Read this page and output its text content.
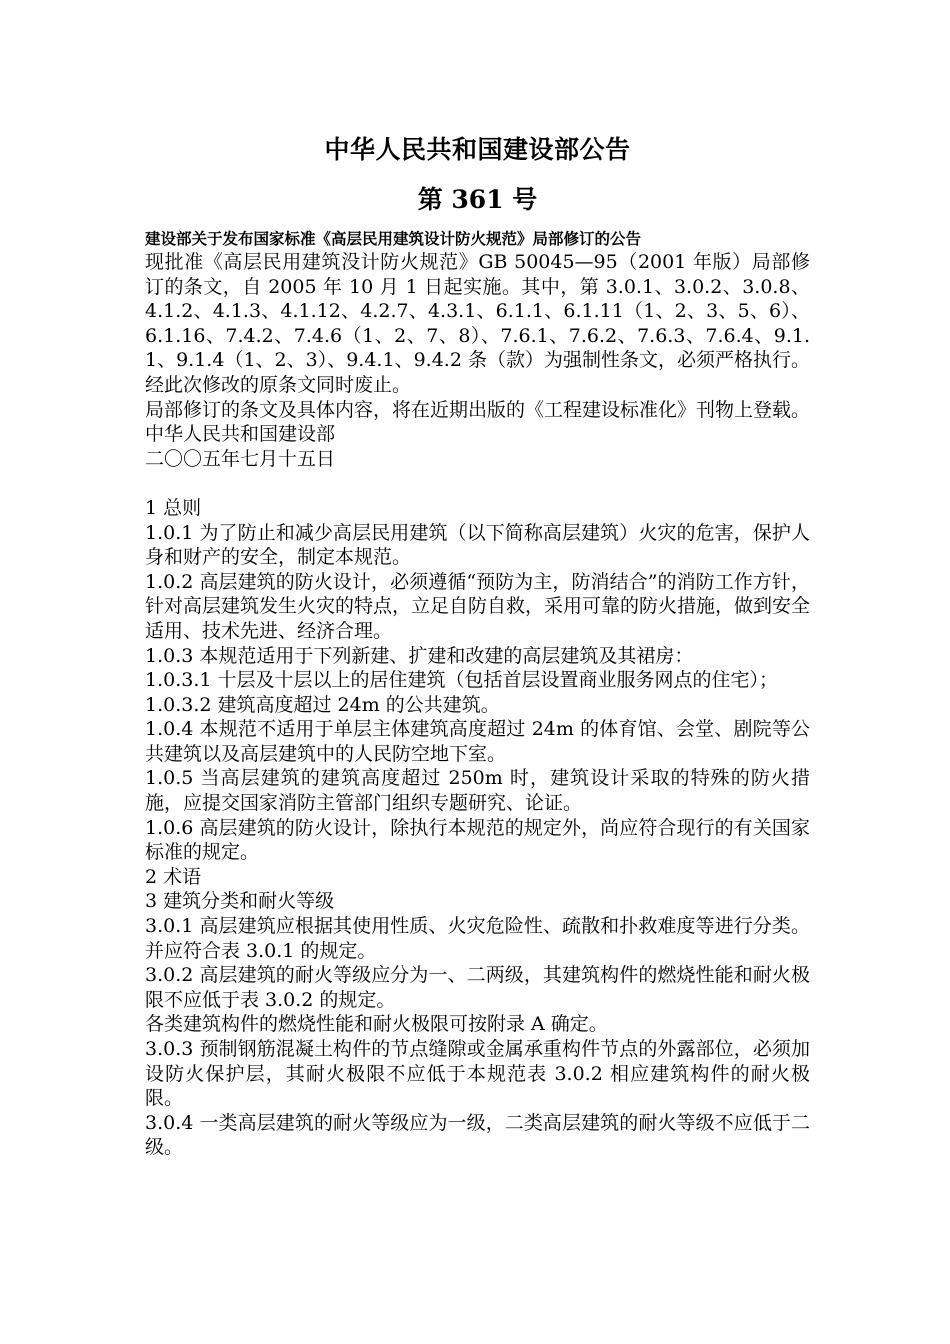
中华人民共和国建设部公告
第 361 号
建设部关于发布国家标准《高层民用建筑设计防火规范》局部修订的公告

现批准《高层民用建筑没计防火规范》GB 50045—95（2001 年版）局部修订的条文，自 2005 年 10 月 1 日起实施。其中，第 3.0.1、3.0.2、3.0.8、4.1.2、4.1.3、4.1.12、4.2.7、4.3.1、6.1.1、6.1.11（1、2、3、5、6）、6.1.16、7.4.2、7.4.6（1、2、7、8）、7.6.1、7.6.2、7.6.3、7.6.4、9.1.1、9.1.4（1、2、3）、9.4.1、9.4.2 条（款）为强制性条文，必须严格执行。经此次修改的原条文同时废止。

局部修订的条文及具体内容，将在近期出版的《工程建设标准化》刊物上登载。

中华人民共和国建设部

二〇〇五年七月十五日

1 总则

1.0.1 为了防止和减少高层民用建筑（以下简称高层建筑）火灾的危害，保护人身和财产的安全，制定本规范。

1.0.2 高层建筑的防火设计，必须遵循“预防为主，防消结合”的消防工作方针，针对高层建筑发生火灾的特点，立足自防自救，采用可靠的防火措施，做到安全适用、技术先进、经济合理。

1.0.3 本规范适用于下列新建、扩建和改建的高层建筑及其裙房：

1.0.3.1 十层及十层以上的居住建筑（包括首层设置商业服务网点的住宅）；

1.0.3.2 建筑高度超过 24m 的公共建筑。

1.0.4 本规范不适用于单层主体建筑高度超过 24m 的体育馆、会堂、剧院等公共建筑以及高层建筑中的人民防空地下室。

1.0.5 当高层建筑的建筑高度超过 250m 时，建筑设计采取的特殊的防火措施，应提交国家消防主管部门组织专题研究、论证。

1.0.6 高层建筑的防火设计，除执行本规范的规定外，尚应符合现行的有关国家标准的规定。

2 术语

3 建筑分类和耐火等级

3.0.1 高层建筑应根据其使用性质、火灾危险性、疏散和扑救难度等进行分类。并应符合表 3.0.1 的规定。

3.0.2 高层建筑的耐火等级应分为一、二两级，其建筑构件的燃烧性能和耐火极限不应低于表 3.0.2 的规定。

各类建筑构件的燃烧性能和耐火极限可按附录 A 确定。

3.0.3 预制钢筋混凝土构件的节点缝隙或金属承重构件节点的外露部位，必须加设防火保护层，其耐火极限不应低于本规范表 3.0.2 相应建筑构件的耐火极限。

3.0.4 一类高层建筑的耐火等级应为一级，二类高层建筑的耐火等级不应低于二级。
